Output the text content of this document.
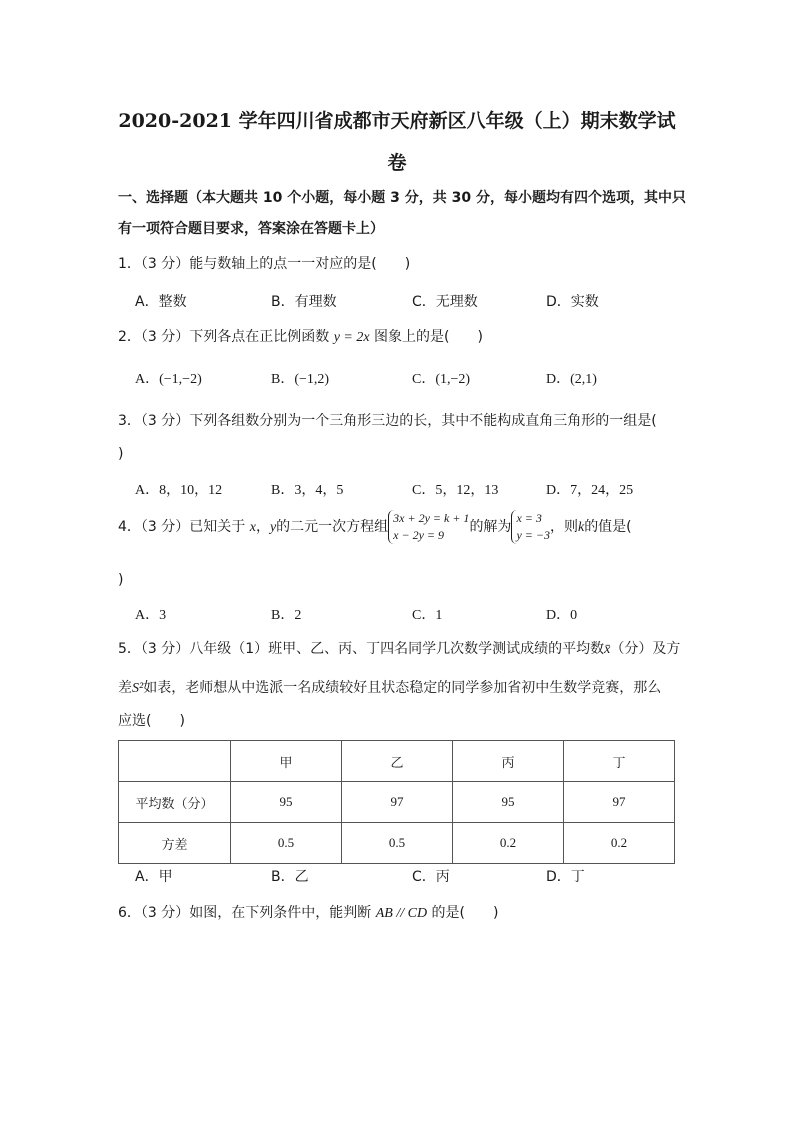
2020-2021 学年四川省成都市天府新区八年级（上）期末数学试
卷
一、选择题（本大题共 10 个小题，每小题 3 分，共 30 分，每小题均有四个选项，其中只
有一项符合题目要求，答案涂在答题卡上）
1．（3 分）能与数轴上的点一一对应的是(　　)
A．整数	B．有理数	C．无理数	D．实数
2．（3 分）下列各点在正比例函数 y = 2x 图象上的是(　　)
A．(−1,−2)	B．(−1,2)	C．(1,−2)	D．(2,1)
3．（3 分）下列各组数分别为一个三角形三边的长，其中不能构成直角三角形的一组是(
)
A．8，10，12	B．3，4，5	C．5，12，13	D．7，24，25
4．（3 分）已知关于 x，y的二元一次方程组3x + 2y = k + 1
x − 2y = 9 的解为x = 3
y = −3，则k的值是(
)
A．3	B．2	C．1	D．0
5．（3 分）八年级（1）班甲、乙、丙、丁四名同学几次数学测试成绩的平均数x̄（分）及方
差S²如表，老师想从中选派一名成绩较好且状态稳定的同学参加省初中生数学竞赛，那么
应选(　　)
	甲	乙	丙	丁
平均数（分）	95	97	95	97
方差	0.5	0.5	0.2	0.2
A．甲	B．乙	C．丙	D．丁
6．（3 分）如图，在下列条件中，能判断 AB // CD 的是(　　)
